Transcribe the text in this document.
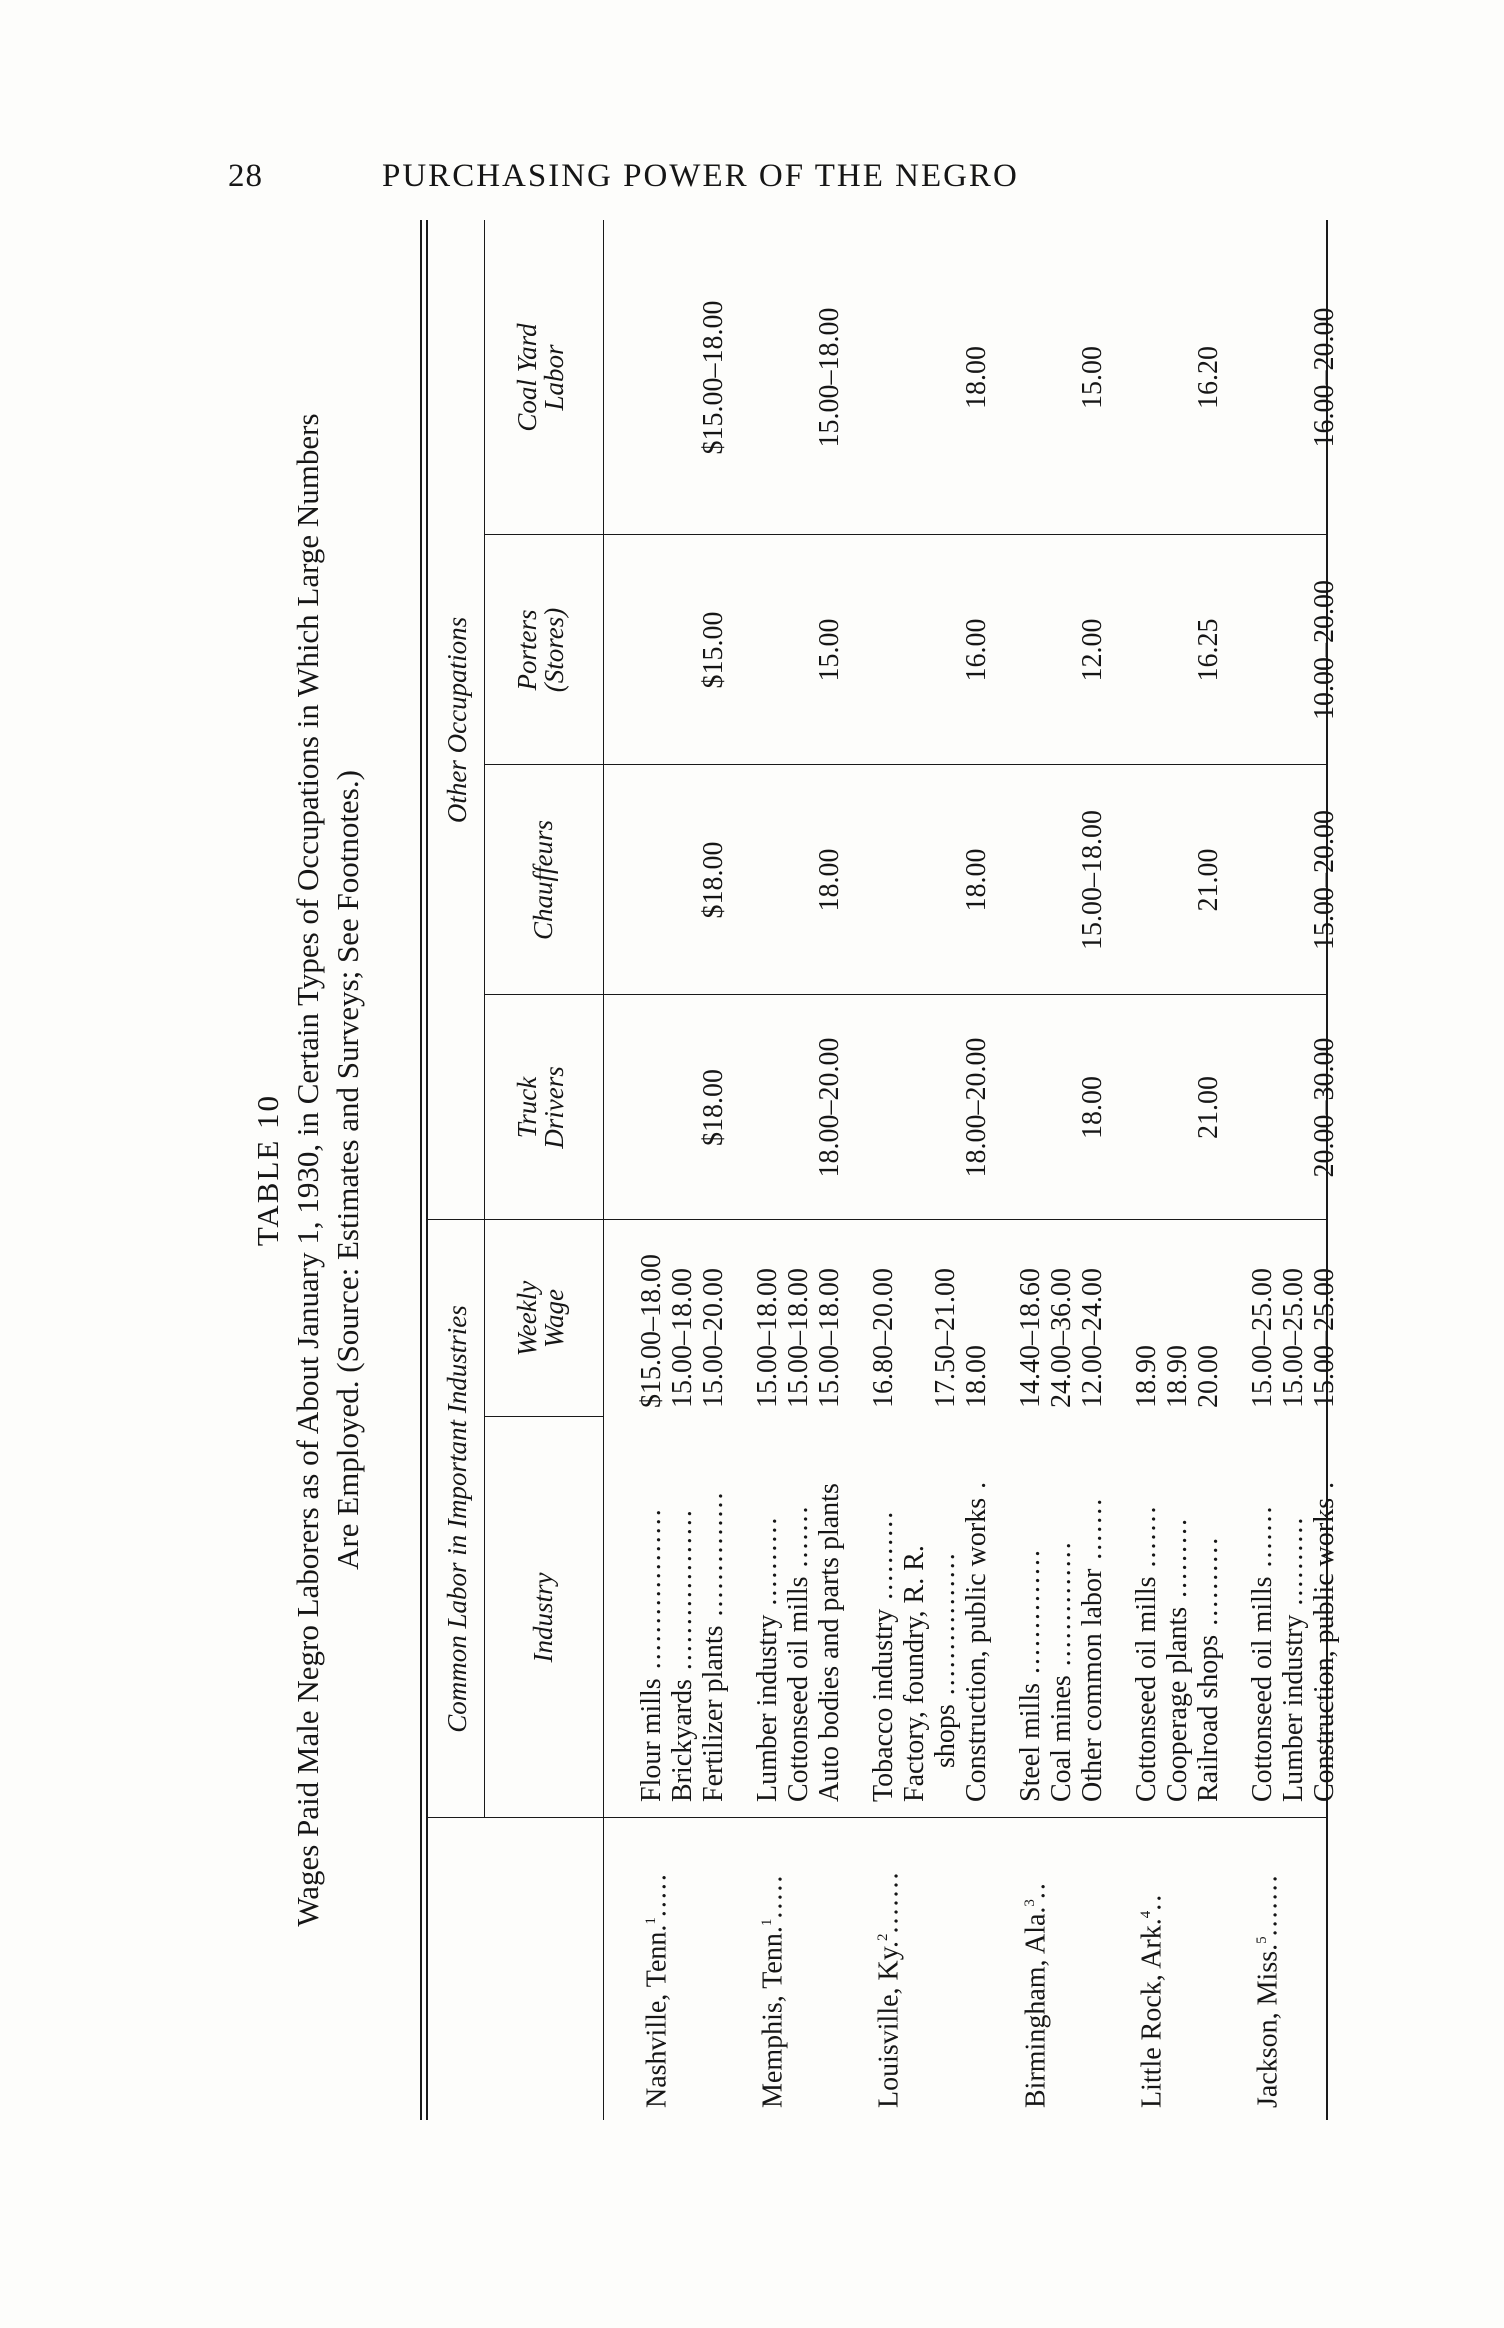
28	PURCHASING POWER OF THE NEGRO
TABLE 10 Wages Paid Male Negro Laborers as of About January 1, 1930, in Certain Types of Occupations in Which Large Numbers Are Employed. (Source: Estimates and Surveys; See Footnotes.)	Common Labor in Important Industries
Other Occupations
Industry
Weekly
Wage
Truck
Drivers
Chauffeurs
Porters
(Stores)
Coal Yard
Labor
Nashville, Tenn.$^1$.....
Flour mills ..................
Brickyards ..................
Fertilizer plants ..............
$15.00–18.00 15.00–18.00 15.00–20.00
$18.00
$18.00
$15.00
$15.00–18.00
Memphis, Tenn.$^1$.....
Lumber industry ..........
Cottonseed oil mills ....... Auto bodies and parts plants
15.00–18.00 15.00–18.00 15.00–18.00
18.00–20.00
18.00
15.00
15.00–18.00
Louisville, Ky.$^2$.......
Tobacco industry .......... Factory, foundry, R. R. shops ................ Construction, public works .
16.80–20.00 17.50–21.00 18.00
18.00–20.00
18.00
16.00
18.00
Birmingham, Ala.$^3$..
Steel mills ..............
Coal mines .............. Other common labor .......
14.40–18.60 24.00–36.00 12.00–24.00
18.00
15.00–18.00
12.00
15.00
Little Rock, Ark.$^4$..
Cottonseed oil mills .......
Cooperage plants .........
Railroad shops ..........
18.90 18.90 20.00
21.00
21.00
16.25
16.20
Jackson, Miss.$^5$.......
Cottonseed oil mills .......
Lumber industry .......... Construction, public works .
15.00–25.00 15.00–25.00 15.00–25.00
20.00–30.00
15.00–20.00
10.00–20.00
16.00–20.00
